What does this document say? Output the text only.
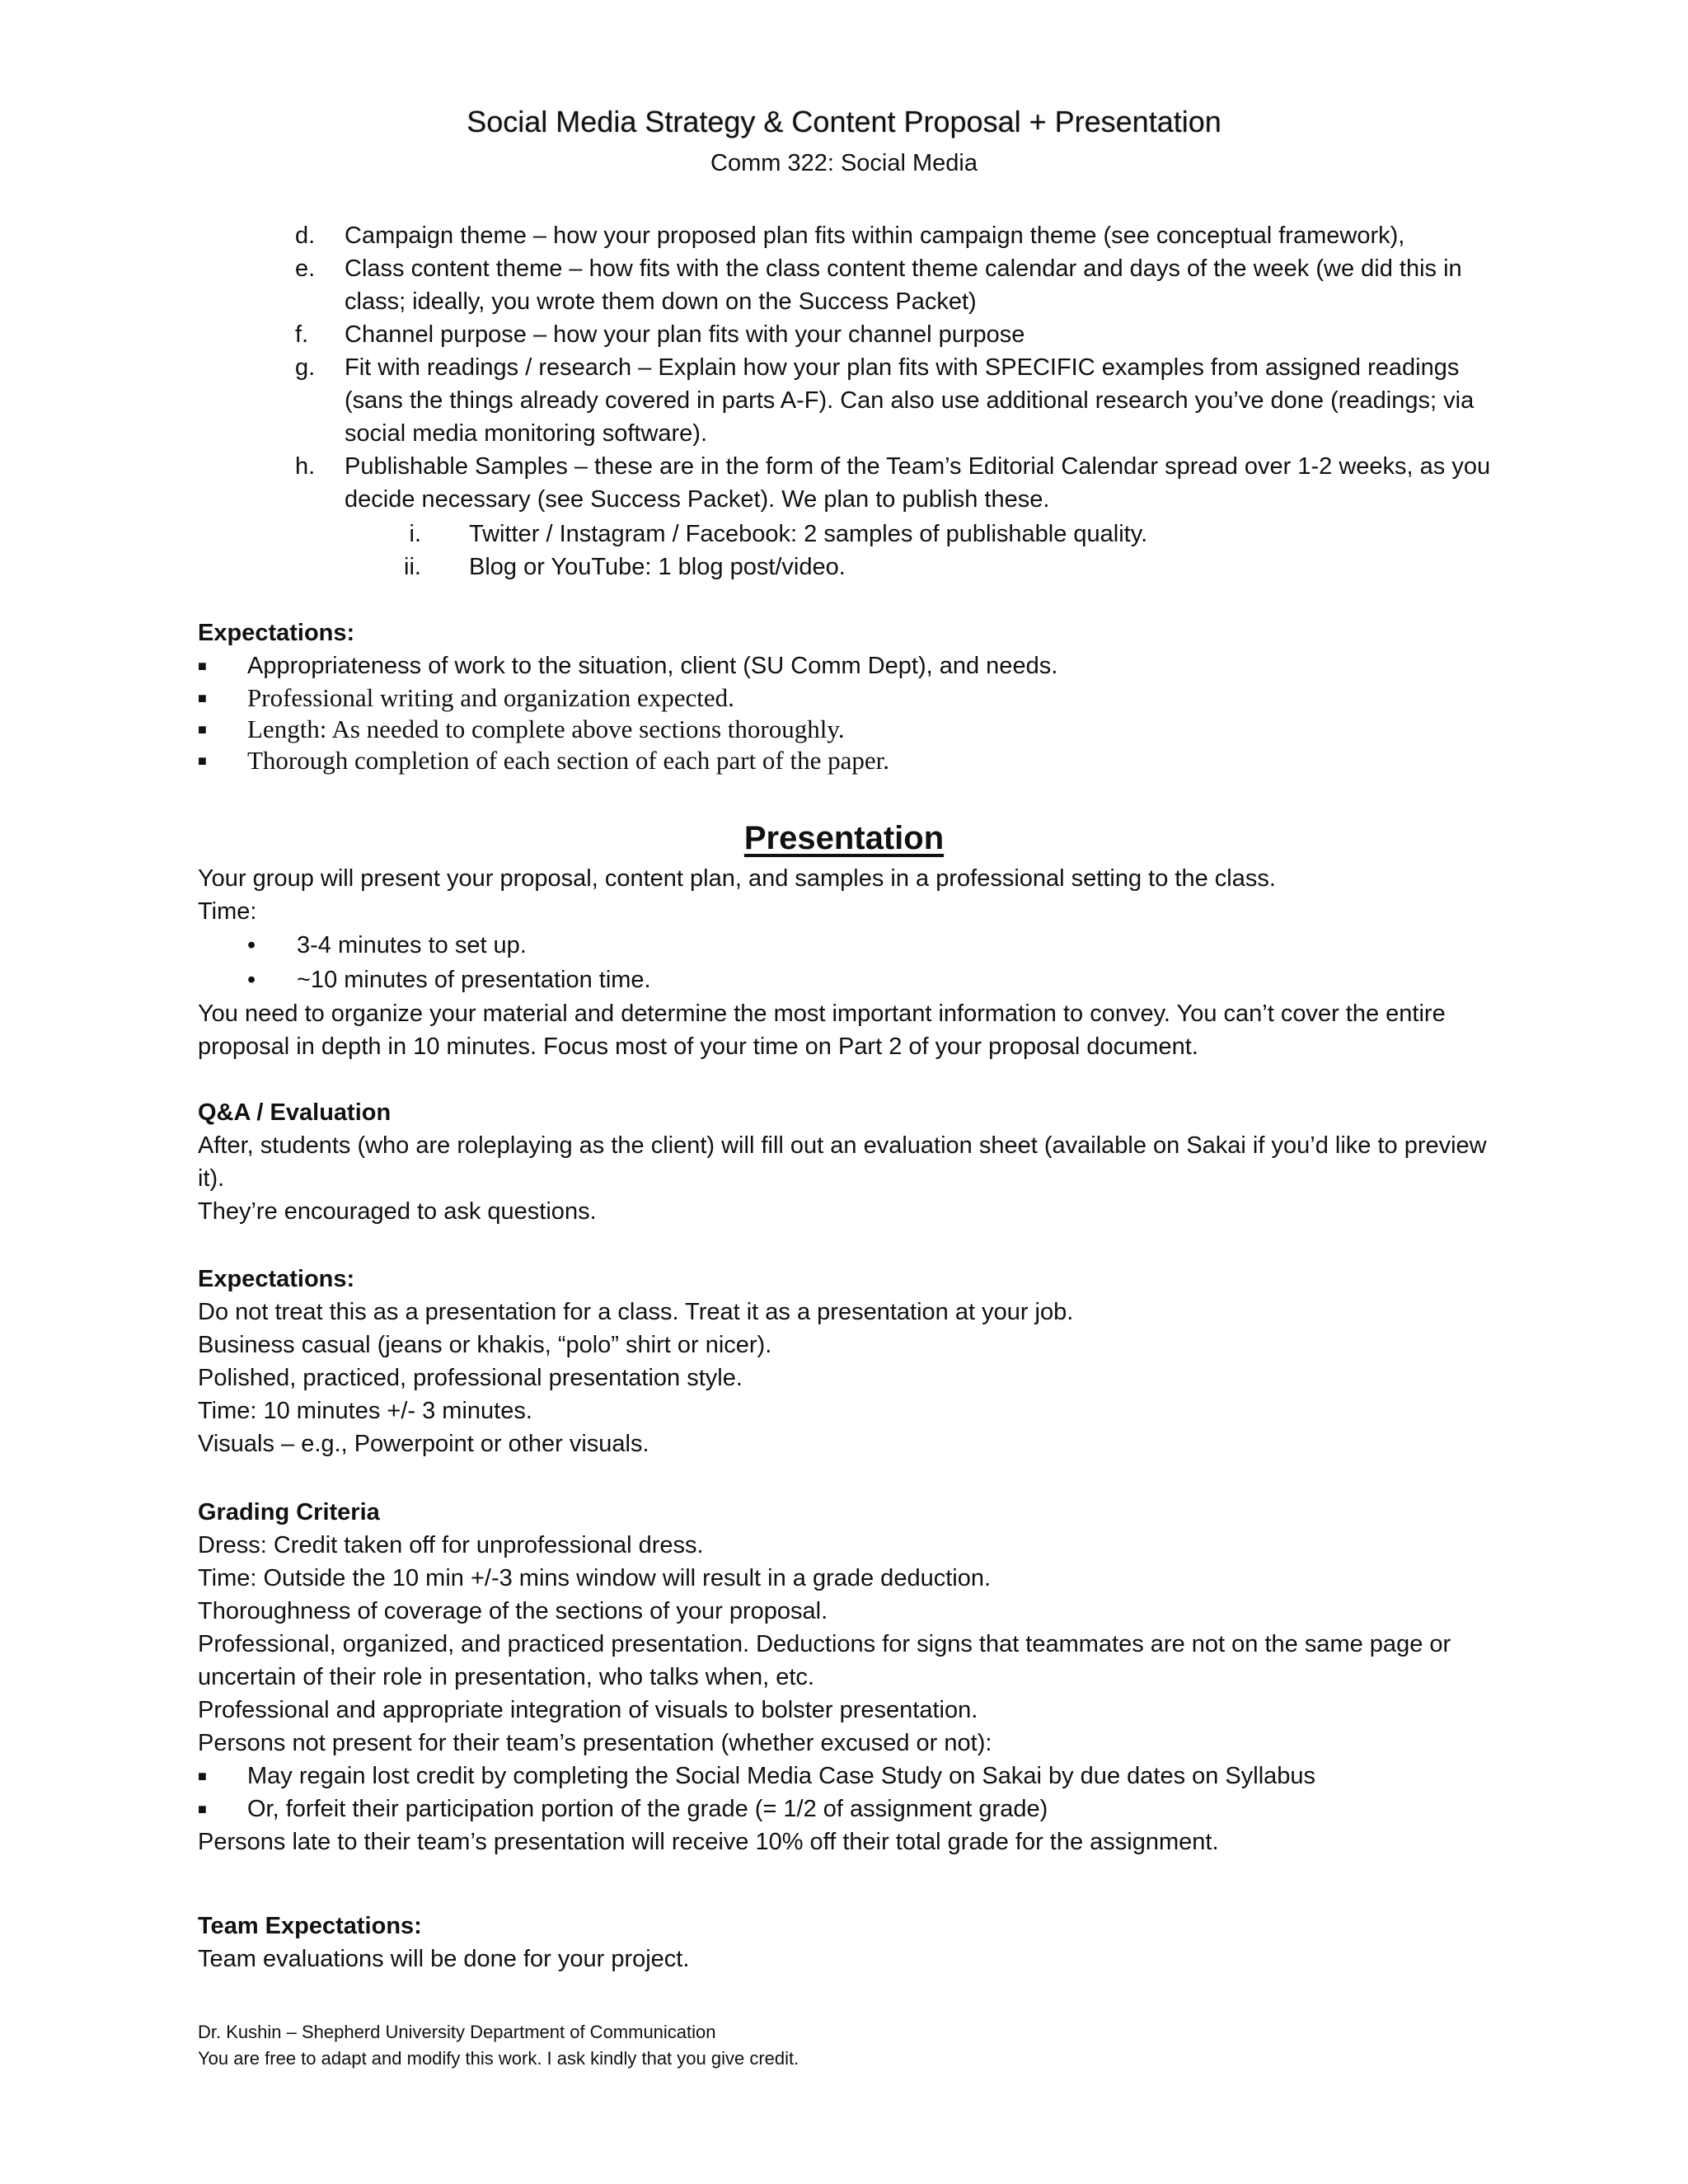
Social Media Strategy & Content Proposal + Presentation
Comm 322: Social Media
d.	Campaign theme – how your proposed plan fits within campaign theme (see conceptual framework),
e.	Class content theme – how fits with the class content theme calendar and days of the week (we did this in class; ideally, you wrote them down on the Success Packet)
f.	Channel purpose – how your plan fits with your channel purpose
g.	Fit with readings / research – Explain how your plan fits with SPECIFIC examples from assigned readings (sans the things already covered in parts A-F). Can also use additional research you’ve done (readings; via social media monitoring software).
h.	Publishable Samples – these are in the form of the Team’s Editorial Calendar spread over 1-2 weeks, as you decide necessary (see Success Packet). We plan to publish these.
i.	Twitter / Instagram / Facebook: 2 samples of publishable quality.
ii.	Blog or YouTube: 1 blog post/video.
Expectations:
■	Appropriateness of work to the situation, client (SU Comm Dept), and needs.
■	Professional writing and organization expected.
■	Length: As needed to complete above sections thoroughly.
■	Thorough completion of each section of each part of the paper.
Presentation
Your group will present your proposal, content plan, and samples in a professional setting to the class.
Time:
•	3-4 minutes to set up.
•	~10 minutes of presentation time.
You need to organize your material and determine the most important information to convey. You can’t cover the entire proposal in depth in 10 minutes. Focus most of your time on Part 2 of your proposal document.
Q&A / Evaluation
After, students (who are roleplaying as the client) will fill out an evaluation sheet (available on Sakai if you’d like to preview it).
They’re encouraged to ask questions.
Expectations:
Do not treat this as a presentation for a class. Treat it as a presentation at your job.
Business casual (jeans or khakis, “polo” shirt or nicer).
Polished, practiced, professional presentation style.
Time: 10 minutes +/- 3 minutes.
Visuals – e.g., Powerpoint or other visuals.
Grading Criteria
Dress: Credit taken off for unprofessional dress.
Time: Outside the 10 min +/-3 mins window will result in a grade deduction.
Thoroughness of coverage of the sections of your proposal.
Professional, organized, and practiced presentation. Deductions for signs that teammates are not on the same page or uncertain of their role in presentation, who talks when, etc.
Professional and appropriate integration of visuals to bolster presentation.
Persons not present for their team’s presentation (whether excused or not):
■	May regain lost credit by completing the Social Media Case Study on Sakai by due dates on Syllabus
■	Or, forfeit their participation portion of the grade (= 1/2 of assignment grade)
Persons late to their team’s presentation will receive 10% off their total grade for the assignment.
Team Expectations:
Team evaluations will be done for your project.
Dr. Kushin – Shepherd University Department of Communication
You are free to adapt and modify this work. I ask kindly that you give credit.
